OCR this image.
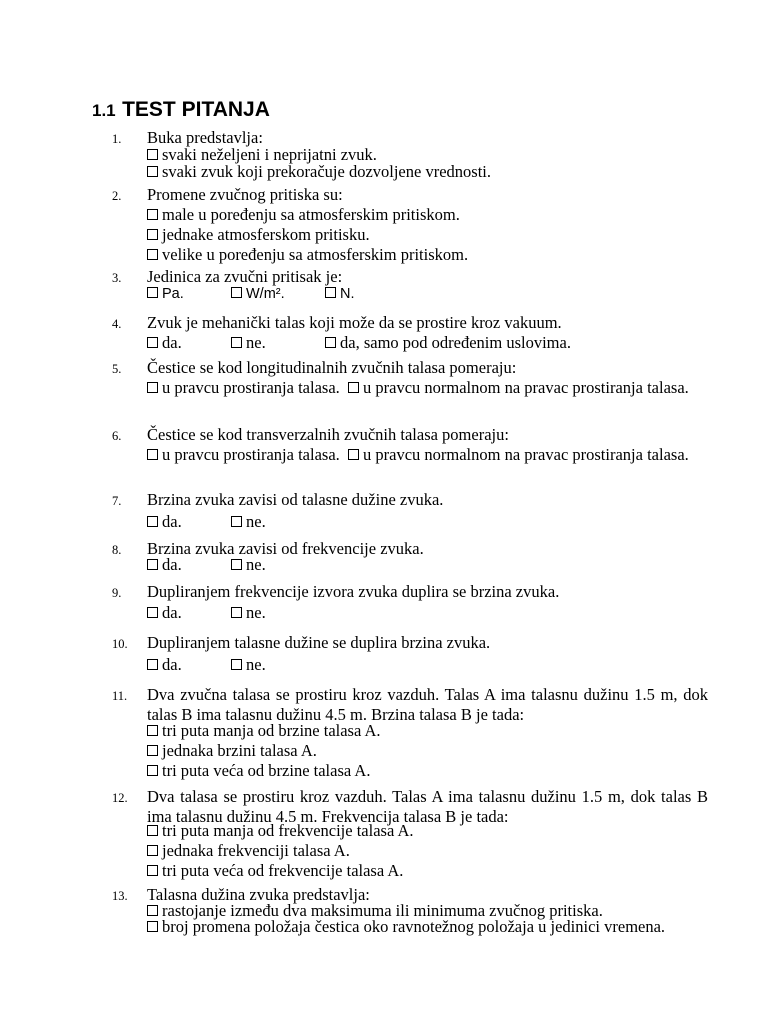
1.1 TEST PITANJA
1. Buka predstavlja:
svaki neželjeni i neprijatni zvuk.
svaki zvuk koji prekoračuje dozvoljene vrednosti.
2. Promene zvučnog pritiska su:
male u poređenju sa atmosferskim pritiskom.
jednake atmosferskom pritisku.
velike u poređenju sa atmosferskim pritiskom.
3. Jedinica za zvučni pritisak je:
Pa.	W/m².	N.
4. Zvuk je mehanički talas koji može da se prostire kroz vakuum.
da.	ne.	da, samo pod određenim uslovima.
5. Čestice se kod longitudinalnih zvučnih talasa pomeraju:
u pravcu prostiranja talasa. u pravcu normalnom na pravac prostiranja talasa.
6. Čestice se kod transverzalnih zvučnih talasa pomeraju:
u pravcu prostiranja talasa. u pravcu normalnom na pravac prostiranja talasa.
7. Brzina zvuka zavisi od talasne dužine zvuka.
da.	ne.
8. Brzina zvuka zavisi od frekvencije zvuka.
da.	ne.
9. Dupliranjem frekvencije izvora zvuka duplira se brzina zvuka.
da.	ne.
10. Dupliranjem talasne dužine se duplira brzina zvuka.
da.	ne.
11. Dva zvučna talasa se prostiru kroz vazduh. Talas A ima talasnu dužinu 1.5 m, dok talas B ima talasnu dužinu 4.5 m. Brzina talasa B je tada:
tri puta manja od brzine talasa A.
jednaka brzini talasa A.
tri puta veća od brzine talasa A.
12. Dva talasa se prostiru kroz vazduh. Talas A ima talasnu dužinu 1.5 m, dok talas B ima talasnu dužinu 4.5 m. Frekvencija talasa B je tada:
tri puta manja od frekvencije talasa A.
jednaka frekvenciji talasa A.
tri puta veća od frekvencije talasa A.
13. Talasna dužina zvuka predstavlja:
rastojanje između dva maksimuma ili minimuma zvučnog pritiska.
broj promena položaja čestica oko ravnotežnog položaja u jedinici vremena.
